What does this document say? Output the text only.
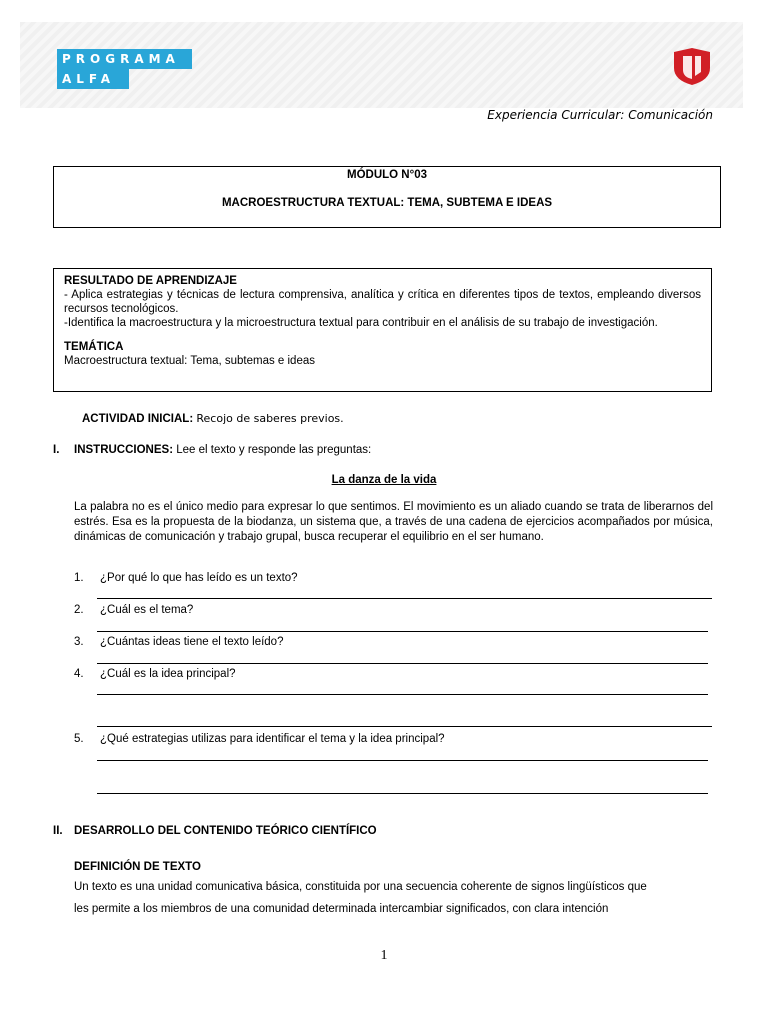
PROGRAMA
ALFA
Experiencia Curricular: Comunicación
MÓDULO N°03
MACROESTRUCTURA TEXTUAL: TEMA, SUBTEMA E IDEAS
RESULTADO DE APRENDIZAJE
- Aplica estrategias y técnicas de lectura comprensiva, analítica y crítica en diferentes tipos de textos, empleando diversos recursos tecnológicos.
-Identifica la macroestructura y la microestructura textual para contribuir en el análisis de su trabajo de investigación.
TEMÁTICA
Macroestructura textual: Tema, subtemas e ideas
ACTIVIDAD INICIAL: Recojo de saberes previos.
I. INSTRUCCIONES: Lee el texto y responde las preguntas:
La danza de la vida
La palabra no es el único medio para expresar lo que sentimos. El movimiento es un aliado cuando se trata de liberarnos del estrés. Esa es la propuesta de la biodanza, un sistema que, a través de una cadena de ejercicios acompañados por música, dinámicas de comunicación y trabajo grupal, busca recuperar el equilibrio en el ser humano.
1. ¿Por qué lo que has leído es un texto?
2. ¿Cuál es el tema?
3. ¿Cuántas ideas tiene el texto leído?
4. ¿Cuál es la idea principal?
5. ¿Qué estrategias utilizas para identificar el tema y la idea principal?
II. DESARROLLO DEL CONTENIDO TEÓRICO CIENTÍFICO
DEFINICIÓN DE TEXTO
Un texto es una unidad comunicativa básica, constituida por una secuencia coherente de signos lingüísticos que
les permite a los miembros de una comunidad determinada intercambiar significados, con clara intención
1
